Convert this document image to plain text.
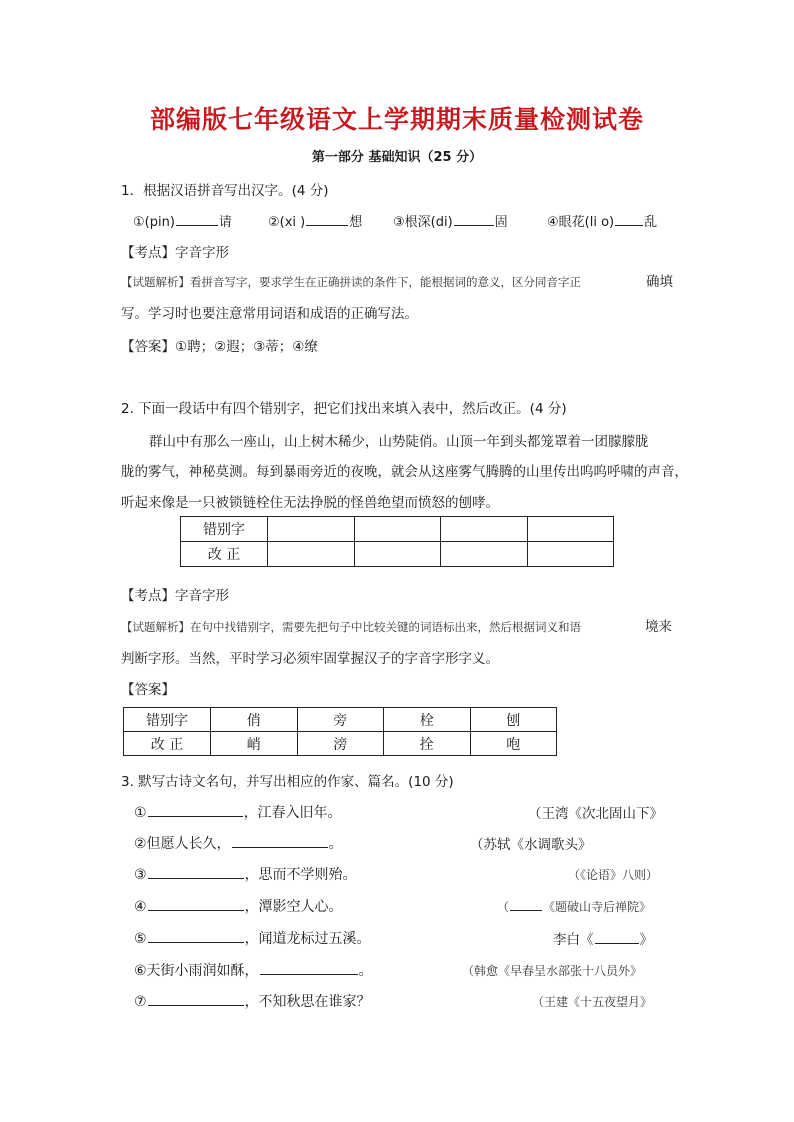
部编版七年级语文上学期期末质量检测试卷
第一部分 基础知识（25 分）
1．根据汉语拼音写出汉字。(4 分)
①(pin)	请	②(xi )	想 ③根深(di)	固	④眼花(li o) 乱
【考点】字音字形
【试题解析】看拼音写字，要求学生在正确拼读的条件下，能根据词的意义，区分同音字正	确填
写。学习时也要注意常用词语和成语的正确写法。
【答案】①聘；②遐；③蒂；④缭
2. 下面一段话中有四个错别字，把它们找出来填入表中，然后改正。(4 分)
群山中有那么一座山，山上树木稀少，山势陡俏。山顶一年到头都笼罩着一团朦朦胧
胧的雾气，神秘莫测。每到暴雨旁近的夜晚，就会从这座雾气腾腾的山里传出呜呜呼啸的声音，
听起来像是一只被锁链栓住无法挣脱的怪兽绝望而愤怒的刨哮。
错别字				
改 正				
【考点】字音字形
【试题解析】在句中找错别字，需要先把句子中比较关键的词语标出来，然后根据词义和语	境来
判断字形。当然，平时学习必须牢固掌握汉子的字音字形字义。
【答案】
错别字	俏	旁	栓	刨
改 正	峭	滂	拴	咆
3. 默写古诗文名句，并写出相应的作家、篇名。(10 分)
①	，江春入旧年。	（王湾《次北固山下》
②但愿人长久，	。	（苏轼《水调歌头》
③	，思而不学则殆。	（《论语》八则）
④	，潭影空人心。	（	《题破山寺后禅院》
⑤	，闻道龙标过五溪。	李白《	》
⑥天街小雨润如酥，	。	（韩愈《早春呈水部张十八员外》
⑦	，不知秋思在谁家？	（王建《十五夜望月》
